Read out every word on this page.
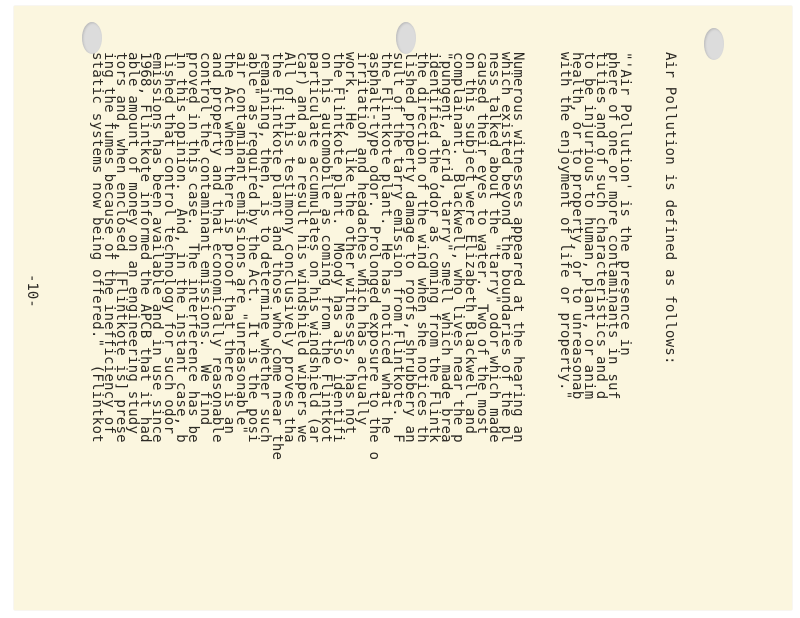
Air Pollution is defined as follows:

"'Air Pollution' is the presence in
phere of one or more contaminants in suf
tities and of such characteristics and d
to be injurious to human, plant, or anim
health, or to property, or to unreasonab
with the enjoyment of life or property."

Numerous witnesses appeared at the hearing an
which existed beyond the boundaries of the pl
ness talked about the "tarry" odor which made
caused their eyes to water.  Two of the most
on this subject were Elizabeth Blackwell and
complainant.  Blackwell, who lives near the p
"pungent, acrid, tarry" smell which made brea
identified the odor as coming from the Flintk
the direction of the wind when she notices th
lished property damage to roofs, shrubbery an
sult of the tarry emission from Flintkote.  F
the Flintkote plant.  He has noticed what he
asphalt-type odor.  Prolonged exposure to the o
irritation and headaches which has actually
work.  He, like the other witnesses, has not
the Flintkote plant.  Moody has also identifi
on his automobile as coming from the Flintkot
particulate accumulates on his windshield (ar
car) and as a result his windshield wipers we
All of this testimony conclusively proves tha
the Flintkote plant and those who come near the
remaining, then, is to determine whether such
able" as required by the Act.  It is the posi
air contaminant emissions are "unreasonable"
the Act when there is proof that there is an
and property and that economically reasonable
control the contaminant emissions.  We find
proved in this case.  The interference has be
in this opinion.  And, in the instant case, b
lished that control technology for such odor
emissions has been available and in use since
1968, Flintkote informed the APCB that it had
able amount of money on an engineering study
tors and, when enclosed, [Flintkote is] prese
ing the fumes because of the inefficiency of
static systems now being offered."  (Flintkot

-10-
